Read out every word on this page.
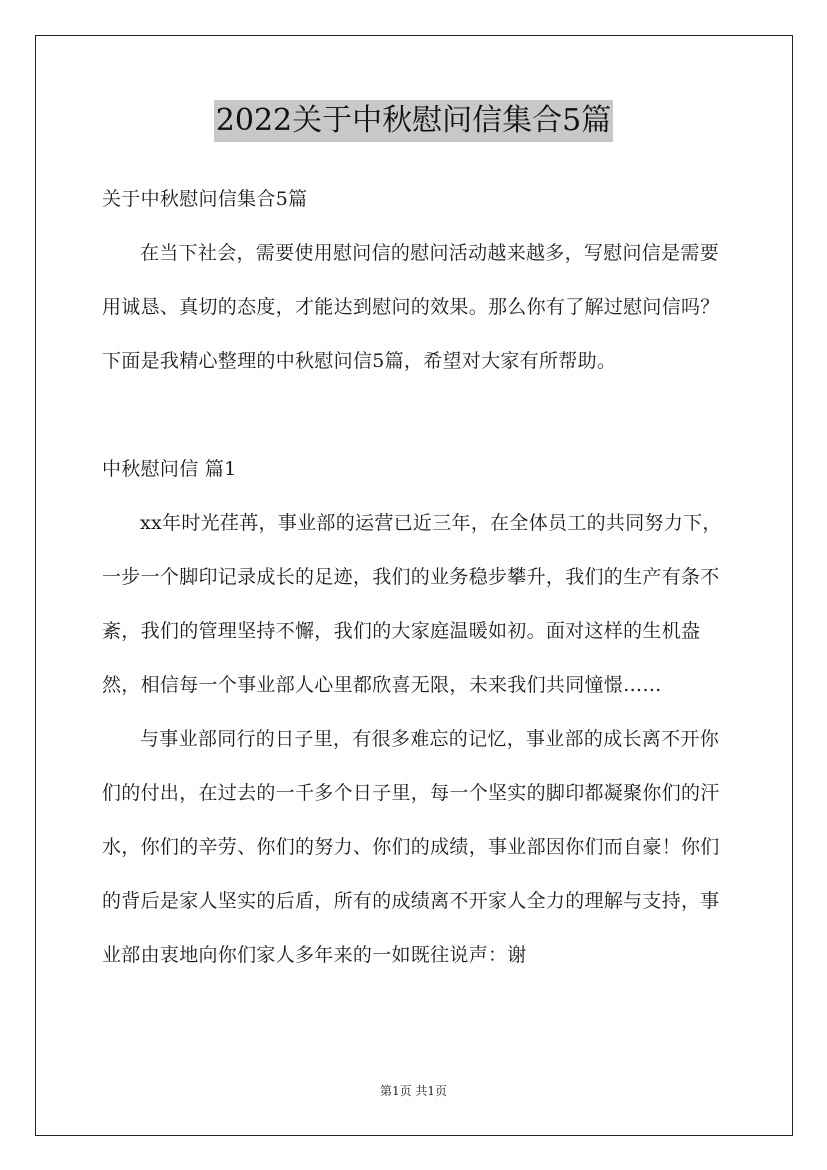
2022关于中秋慰问信集合5篇

关于中秋慰问信集合5篇

在当下社会，需要使用慰问信的慰问活动越来越多，写慰问信是需要用诚恳、真切的态度，才能达到慰问的效果。那么你有了解过慰问信吗？下面是我精心整理的中秋慰问信5篇，希望对大家有所帮助。

中秋慰问信 篇1

xx年时光荏苒，事业部的运营已近三年，在全体员工的共同努力下，一步一个脚印记录成长的足迹，我们的业务稳步攀升，我们的生产有条不紊，我们的管理坚持不懈，我们的大家庭温暖如初。面对这样的生机盎然，相信每一个事业部人心里都欣喜无限，未来我们共同憧憬……

与事业部同行的日子里，有很多难忘的记忆，事业部的成长离不开你们的付出，在过去的一千多个日子里，每一个坚实的脚印都凝聚你们的汗水，你们的辛劳、你们的努力、你们的成绩，事业部因你们而自豪！你们的背后是家人坚实的后盾，所有的成绩离不开家人全力的理解与支持，事业部由衷地向你们家人多年来的一如既往说声：谢

第1页 共1页
